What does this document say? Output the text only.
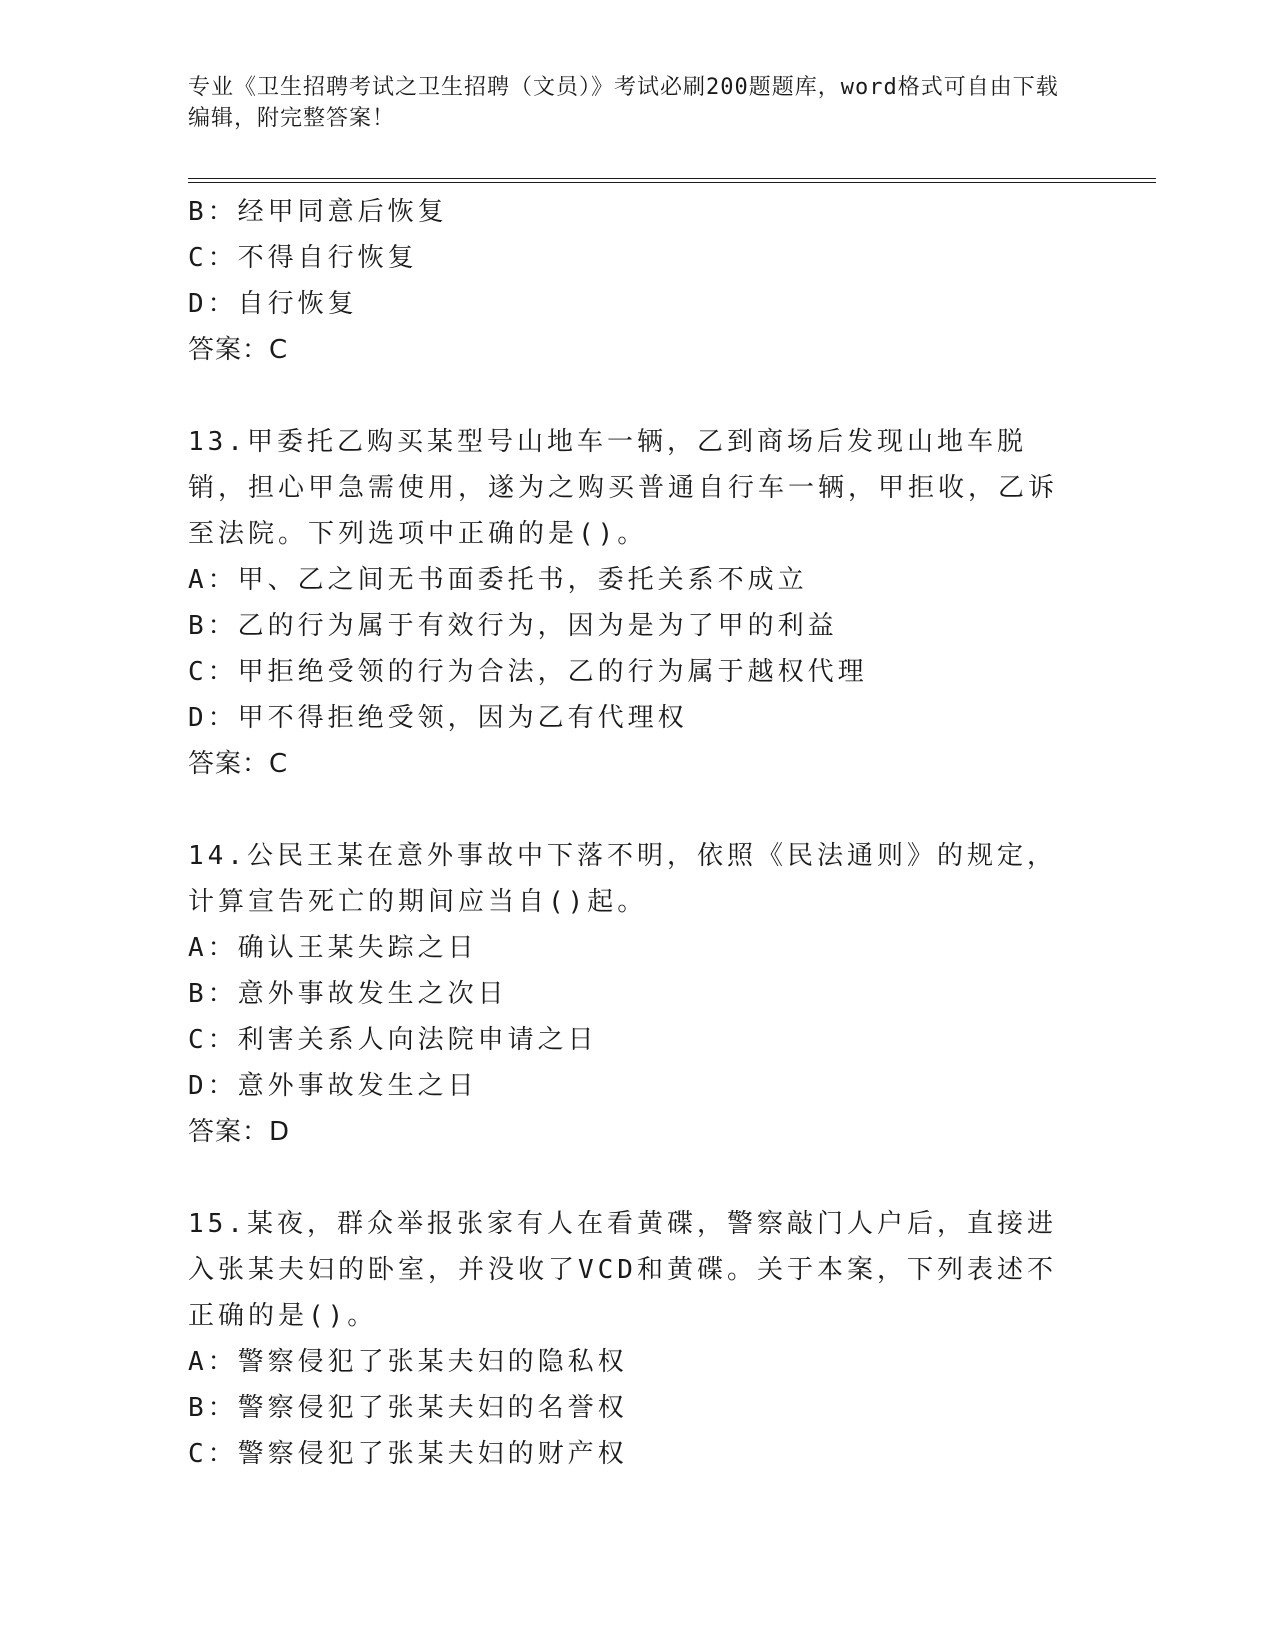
专业《卫生招聘考试之卫生招聘（文员）》考试必刷200题题库，word格式可自由下载编辑，附完整答案！
B：经甲同意后恢复
C：不得自行恢复
D：自行恢复
答案：C
13.甲委托乙购买某型号山地车一辆，乙到商场后发现山地车脱销，担心甲急需使用，遂为之购买普通自行车一辆，甲拒收，乙诉至法院。下列选项中正确的是()。
A：甲、乙之间无书面委托书，委托关系不成立
B：乙的行为属于有效行为，因为是为了甲的利益
C：甲拒绝受领的行为合法，乙的行为属于越权代理
D：甲不得拒绝受领，因为乙有代理权
答案：C
14.公民王某在意外事故中下落不明，依照《民法通则》的规定，计算宣告死亡的期间应当自()起。
A：确认王某失踪之日
B：意外事故发生之次日
C：利害关系人向法院申请之日
D：意外事故发生之日
答案：D
15.某夜，群众举报张家有人在看黄碟，警察敲门人户后，直接进入张某夫妇的卧室，并没收了VCD和黄碟。关于本案，下列表述不正确的是()。
A：警察侵犯了张某夫妇的隐私权
B：警察侵犯了张某夫妇的名誉权
C：警察侵犯了张某夫妇的财产权
